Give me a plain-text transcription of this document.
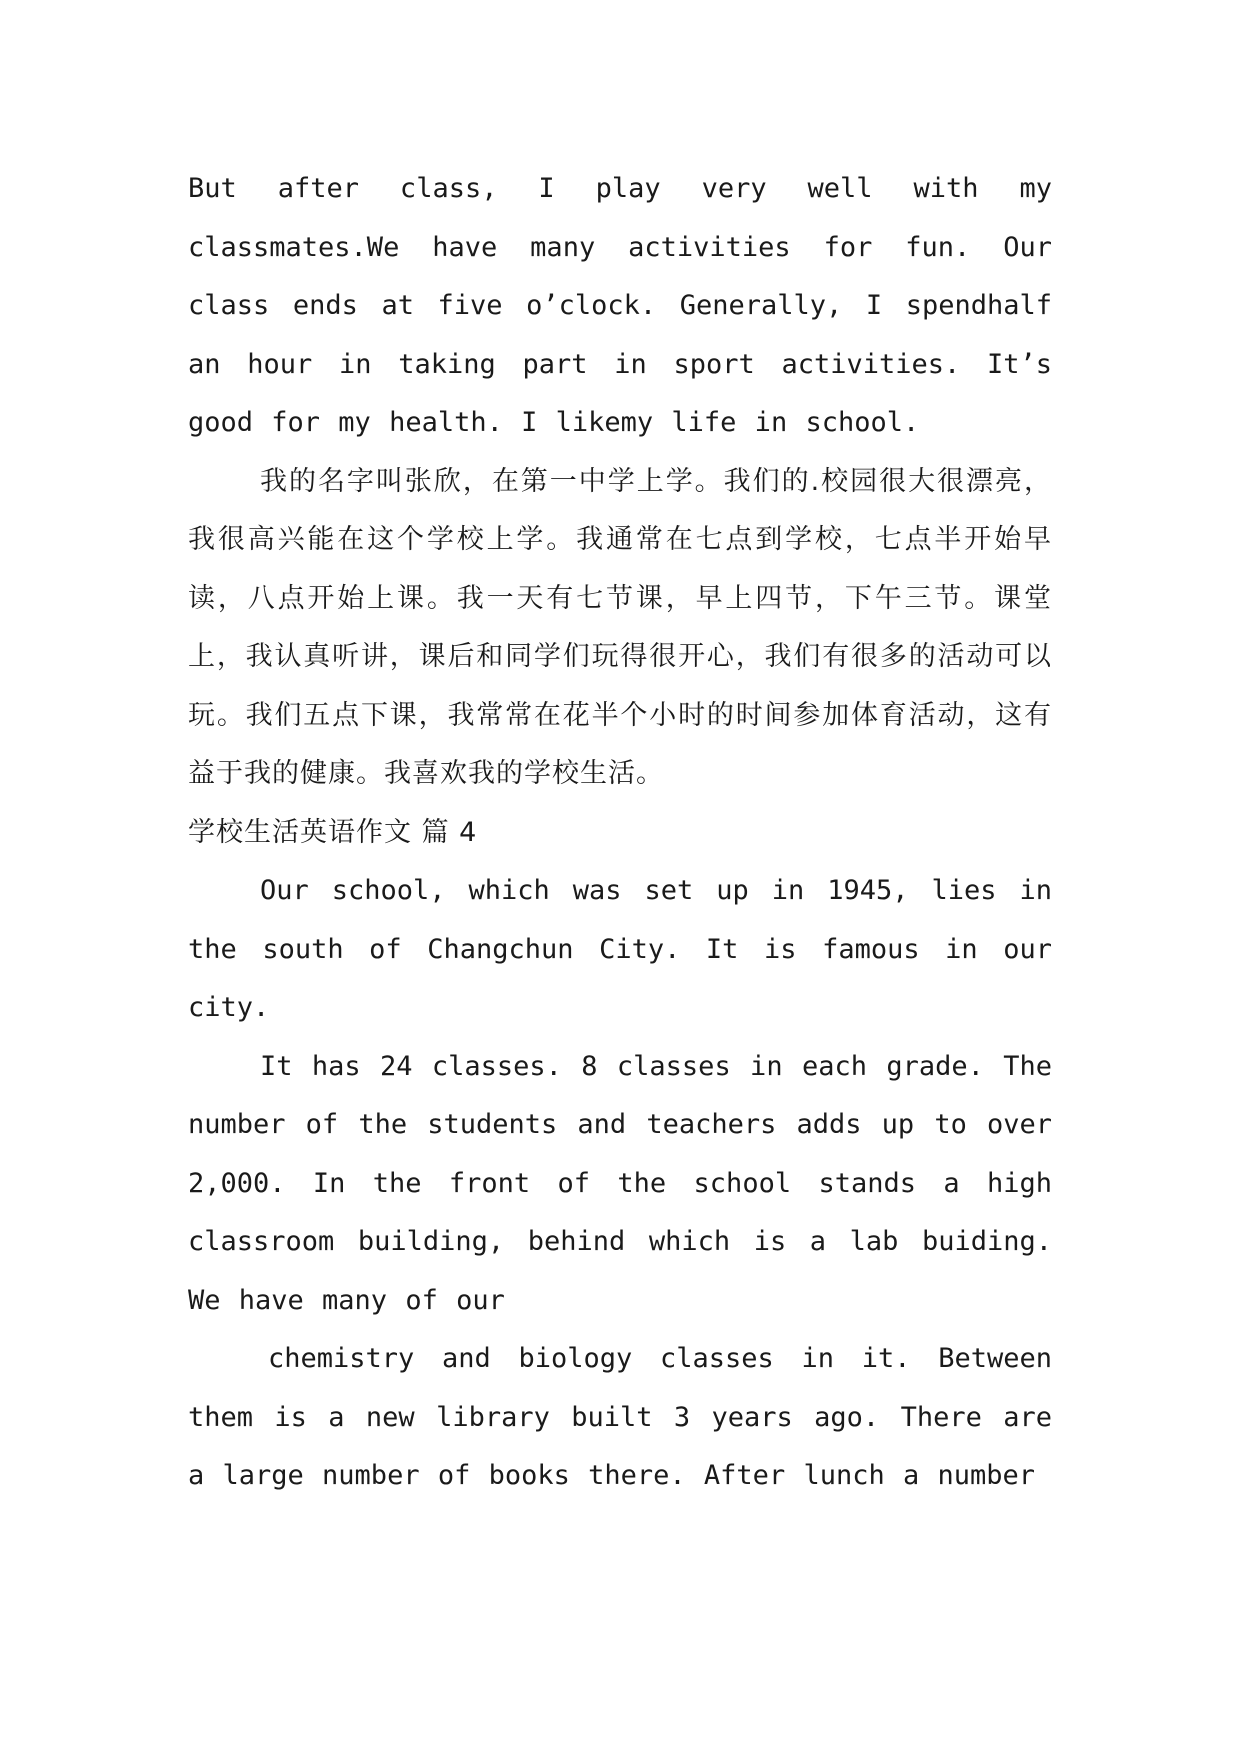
But after class, I play very well with my classmates.We have many activities for fun. Our class ends at five o’clock. Generally, I spendhalf an hour in taking part in sport activities. It’s good for my health. I likemy life in school.

我的名字叫张欣，在第一中学上学。我们的.校园很大很漂亮，我很高兴能在这个学校上学。我通常在七点到学校，七点半开始早读，八点开始上课。我一天有七节课，早上四节，下午三节。课堂上，我认真听讲，课后和同学们玩得很开心，我们有很多的活动可以玩。我们五点下课，我常常在花半个小时的时间参加体育活动，这有益于我的健康。我喜欢我的学校生活。

学校生活英语作文 篇 4

Our school, which was set up in 1945, lies in the south of Changchun City. It is famous in our city.

It has 24 classes. 8 classes in each grade. The number of the students and teachers adds up to over 2,000. In the front of the school stands a high classroom building, behind which is a lab buiding. We have many of our

chemistry and biology classes in it. Between them is a new library built 3 years ago. There are a large number of books there. After lunch a number
